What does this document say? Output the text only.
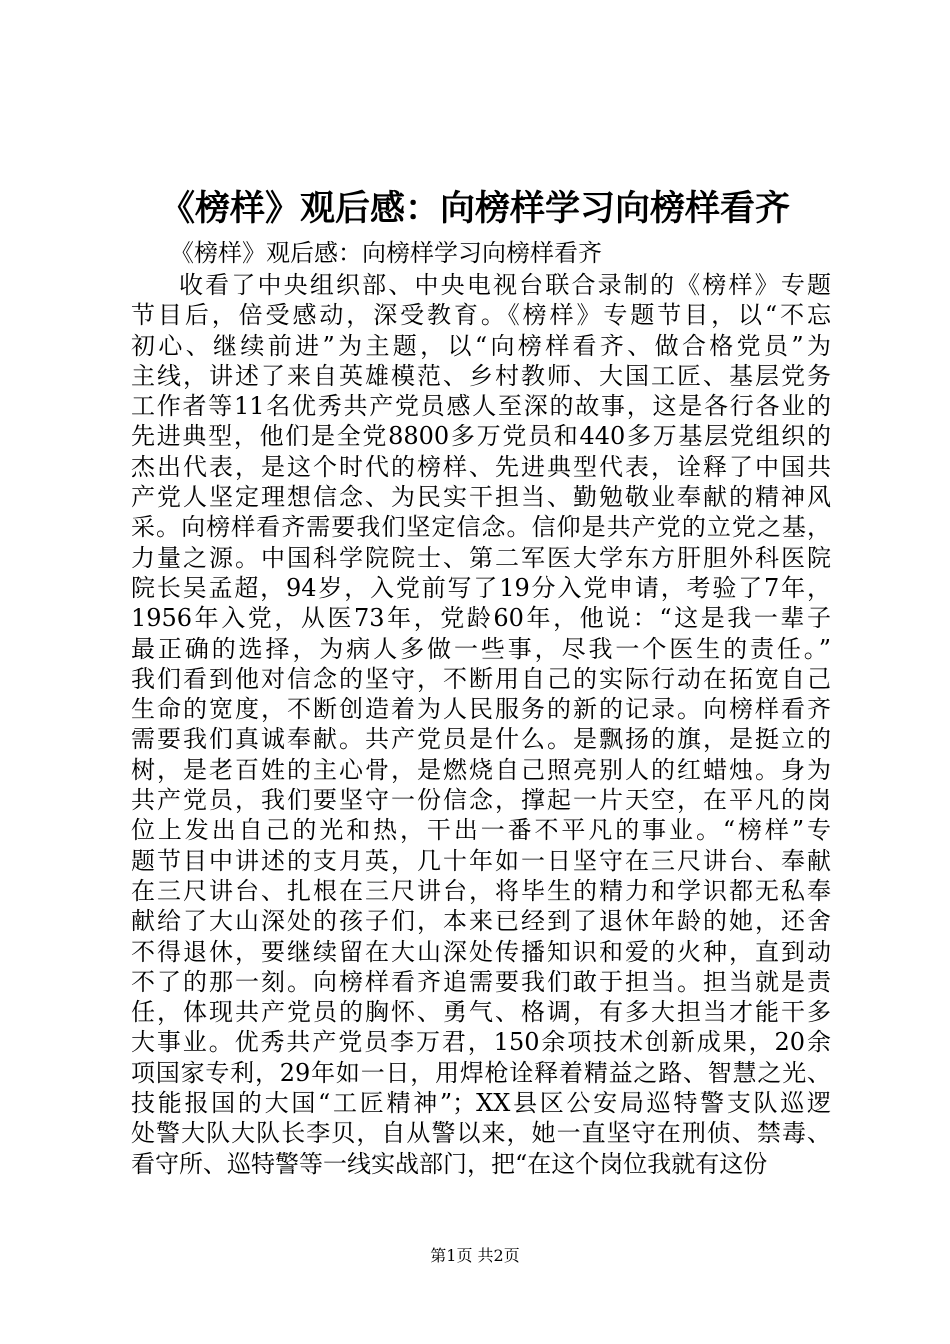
《榜样》观后感：向榜样学习向榜样看齐
《榜样》观后感：向榜样学习向榜样看齐
收看了中央组织部、中央电视台联合录制的《榜样》专题
节目后，倍受感动，深受教育。《榜样》专题节目，以“不忘
初心、继续前进”为主题，以“向榜样看齐、做合格党员”为
主线，讲述了来自英雄模范、乡村教师、大国工匠、基层党务
工作者等11名优秀共产党员感人至深的故事，这是各行各业的
先进典型，他们是全党8800多万党员和440多万基层党组织的
杰出代表，是这个时代的榜样、先进典型代表，诠释了中国共
产党人坚定理想信念、为民实干担当、勤勉敬业奉献的精神风
采。向榜样看齐需要我们坚定信念。信仰是共产党的立党之基，
力量之源。中国科学院院士、第二军医大学东方肝胆外科医院
院长吴孟超，94岁，入党前写了19分入党申请，考验了7年，
1956年入党，从医73年，党龄60年，他说：“这是我一辈子
最正确的选择，为病人多做一些事，尽我一个医生的责任。”
我们看到他对信念的坚守，不断用自己的实际行动在拓宽自己
生命的宽度，不断创造着为人民服务的新的记录。向榜样看齐
需要我们真诚奉献。共产党员是什么。是飘扬的旗，是挺立的
树，是老百姓的主心骨，是燃烧自己照亮别人的红蜡烛。身为
共产党员，我们要坚守一份信念，撑起一片天空，在平凡的岗
位上发出自己的光和热，干出一番不平凡的事业。“榜样”专
题节目中讲述的支月英，几十年如一日坚守在三尺讲台、奉献
在三尺讲台、扎根在三尺讲台，将毕生的精力和学识都无私奉
献给了大山深处的孩子们，本来已经到了退休年龄的她，还舍
不得退休，要继续留在大山深处传播知识和爱的火种，直到动
不了的那一刻。向榜样看齐追需要我们敢于担当。担当就是责
任，体现共产党员的胸怀、勇气、格调，有多大担当才能干多
大事业。优秀共产党员李万君，150余项技术创新成果，20余
项国家专利，29年如一日，用焊枪诠释着精益之路、智慧之光、
技能报国的大国“工匠精神”；XX县区公安局巡特警支队巡逻
处警大队大队长李贝，自从警以来，她一直坚守在刑侦、禁毒、
看守所、巡特警等一线实战部门，把“在这个岗位我就有这份
第1页 共2页
